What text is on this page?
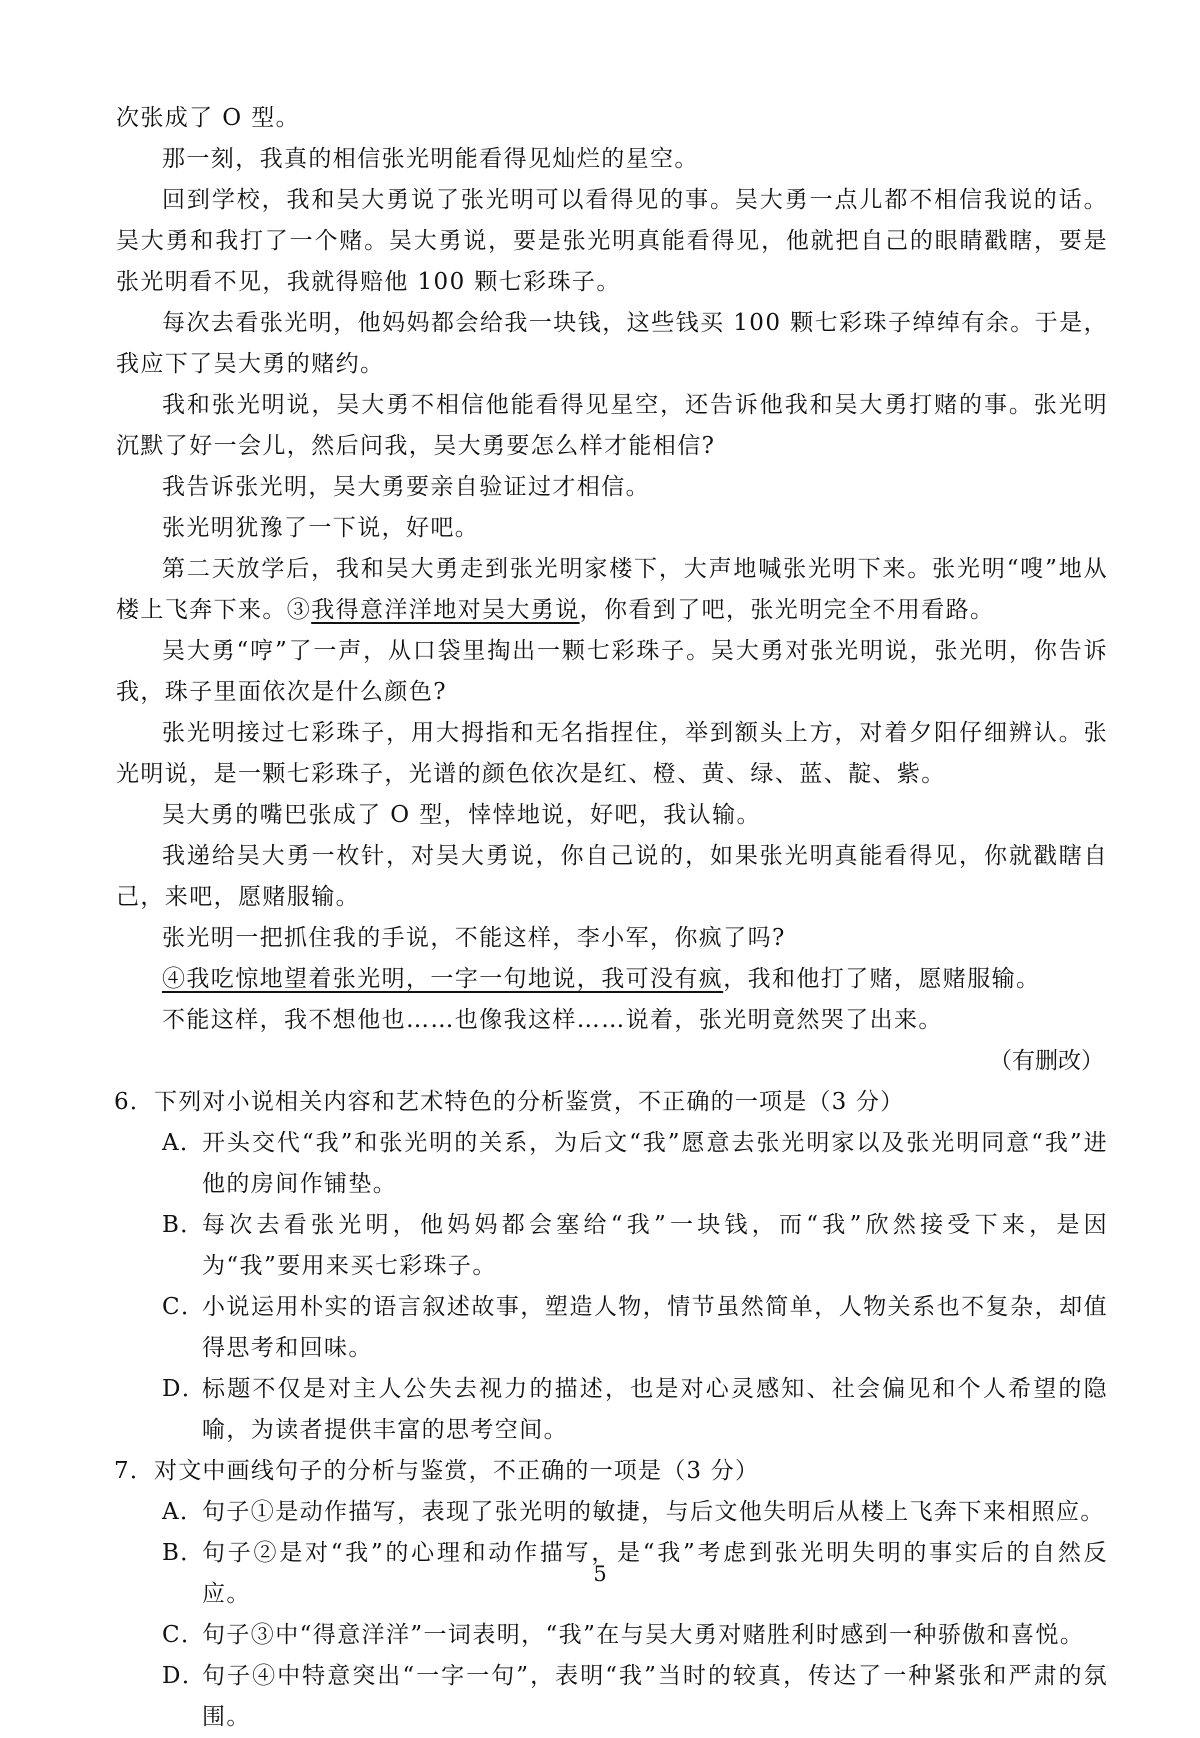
次张成了 O 型。

那一刻，我真的相信张光明能看得见灿烂的星空。

回到学校，我和吴大勇说了张光明可以看得见的事。吴大勇一点儿都不相信我说的话。吴大勇和我打了一个赌。吴大勇说，要是张光明真能看得见，他就把自己的眼睛戳瞎，要是张光明看不见，我就得赔他 100 颗七彩珠子。

每次去看张光明，他妈妈都会给我一块钱，这些钱买 100 颗七彩珠子绰绰有余。于是，我应下了吴大勇的赌约。

我和张光明说，吴大勇不相信他能看得见星空，还告诉他我和吴大勇打赌的事。张光明沉默了好一会儿，然后问我，吴大勇要怎么样才能相信?

我告诉张光明，吴大勇要亲自验证过才相信。

张光明犹豫了一下说，好吧。

第二天放学后，我和吴大勇走到张光明家楼下，大声地喊张光明下来。张光明“嗖”地从楼上飞奔下来。③我得意洋洋地对吴大勇说，你看到了吧，张光明完全不用看路。

吴大勇“哼”了一声，从口袋里掏出一颗七彩珠子。吴大勇对张光明说，张光明，你告诉我，珠子里面依次是什么颜色?

张光明接过七彩珠子，用大拇指和无名指捏住，举到额头上方，对着夕阳仔细辨认。张光明说，是一颗七彩珠子，光谱的颜色依次是红、橙、黄、绿、蓝、靛、紫。

吴大勇的嘴巴张成了 O 型，悻悻地说，好吧，我认输。

我递给吴大勇一枚针，对吴大勇说，你自己说的，如果张光明真能看得见，你就戳瞎自己，来吧，愿赌服输。

张光明一把抓住我的手说，不能这样，李小军，你疯了吗?

④我吃惊地望着张光明，一字一句地说，我可没有疯，我和他打了赌，愿赌服输。

不能这样，我不想他也……也像我这样……说着，张光明竟然哭了出来。

（有删改）

6．下列对小说相关内容和艺术特色的分析鉴赏，不正确的一项是（3 分）

A．
开头交代“我”和张光明的关系，为后文“我”愿意去张光明家以及张光明同意“我”进他的房间作铺垫。
B．
每次去看张光明，他妈妈都会塞给“我”一块钱，而“我”欣然接受下来，是因为“我”要用来买七彩珠子。
C．
小说运用朴实的语言叙述故事，塑造人物，情节虽然简单，人物关系也不复杂，却值得思考和回味。
D．
标题不仅是对主人公失去视力的描述，也是对心灵感知、社会偏见和个人希望的隐喻，为读者提供丰富的思考空间。

7．对文中画线句子的分析与鉴赏，不正确的一项是（3 分）

A．
句子①是动作描写，表现了张光明的敏捷，与后文他失明后从楼上飞奔下来相照应。
B．
句子②是对“我”的心理和动作描写，是“我”考虑到张光明失明的事实后的自然反应。
C．
句子③中“得意洋洋”一词表明，“我”在与吴大勇对赌胜利时感到一种骄傲和喜悦。
D．
句子④中特意突出“一字一句”，表明“我”当时的较真，传达了一种紧张和严肃的氛围。
5
